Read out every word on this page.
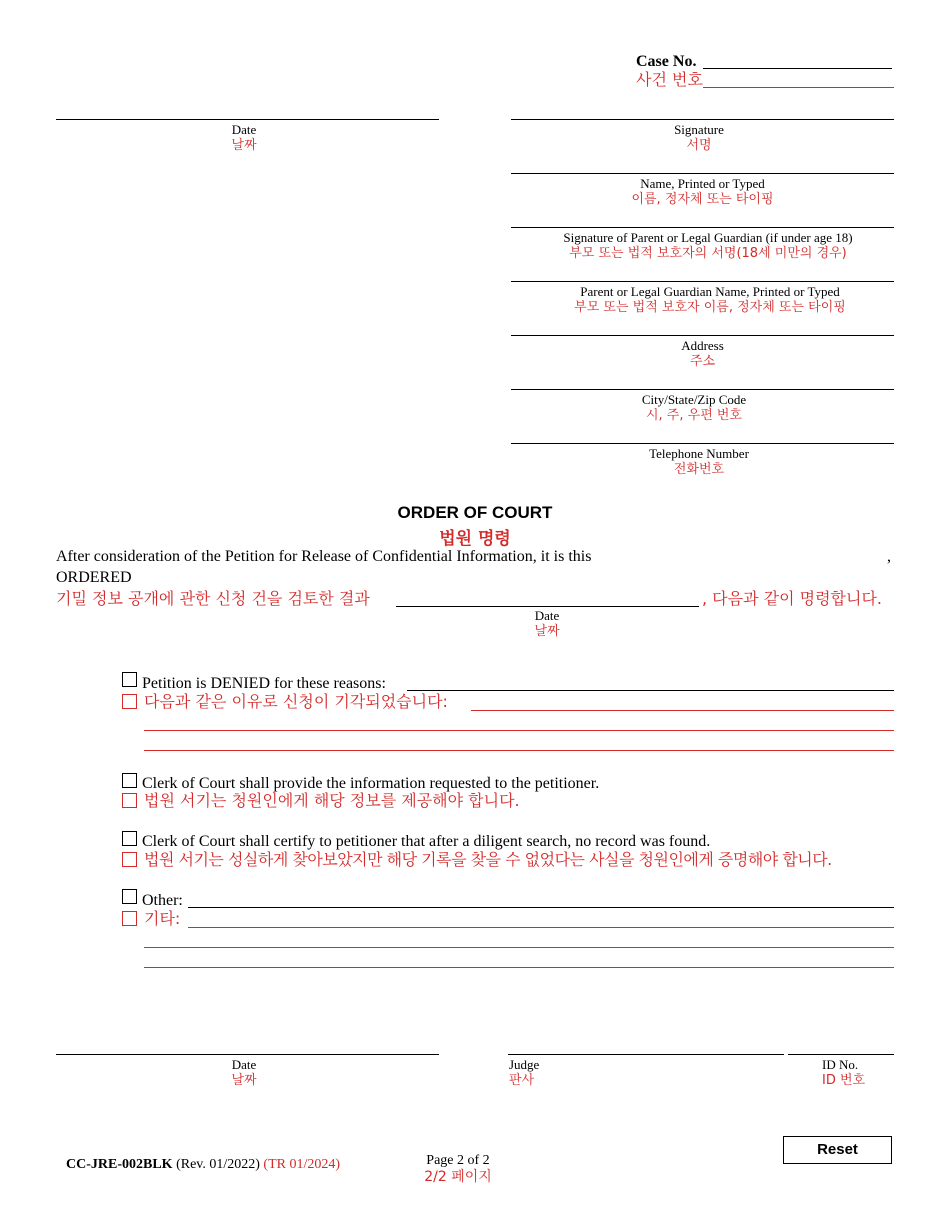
Case No.
사건 번호
Date
날짜
Signature
서명
Name, Printed or Typed
이름, 정자체 또는 타이핑
Signature of Parent or Legal Guardian (if under age 18)
부모 또는 법적 보호자의 서명(18세 미만의 경우)
Parent or Legal Guardian Name, Printed or Typed
부모 또는 법적 보호자 이름, 정자체 또는 타이핑
Address
주소
City/State/Zip Code
시, 주, 우편 번호
Telephone Number
전화번호
ORDER OF COURT
법원 명령
After consideration of the Petition for Release of Confidential Information, it is this	,
ORDERED
기밀 정보 공개에 관한 신청 건을 검토한 결과	, 다음과 같이 명령합니다.
Date
날짜
Petition is DENIED for these reasons:
다음과 같은 이유로 신청이 기각되었습니다:
Clerk of Court shall provide the information requested to the petitioner.
법원 서기는 청원인에게 해당 정보를 제공해야 합니다.
Clerk of Court shall certify to petitioner that after a diligent search, no record was found.
법원 서기는 성실하게 찾아보았지만 해당 기록을 찾을 수 없었다는 사실을 청원인에게 증명해야 합니다.
Other:
기타:
Date
날짜
Judge
판사
ID No.
ID 번호
CC-JRE-002BLK (Rev. 01/2022) (TR 01/2024)	Page 2 of 2
2/2 페이지
Reset
